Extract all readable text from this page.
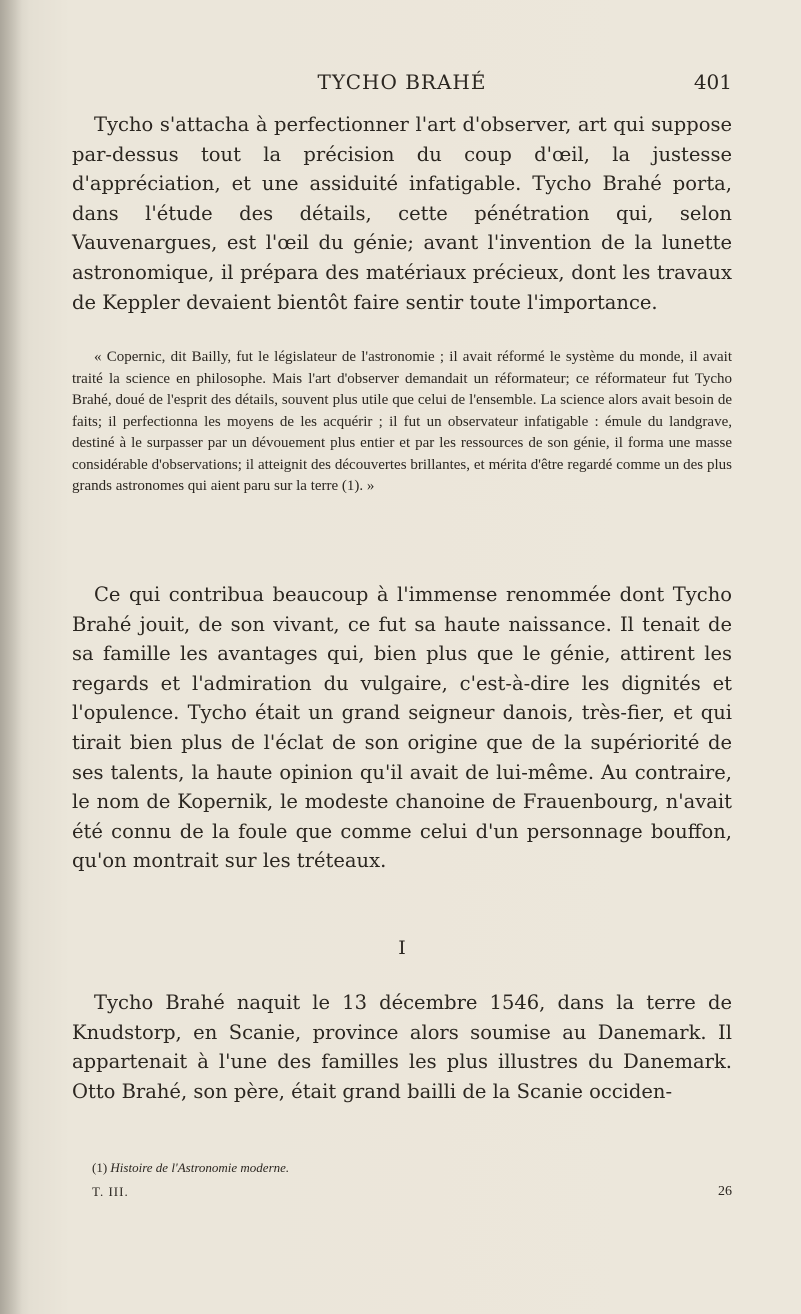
TYCHO BRAHÉ	401

Tycho s'attacha à perfectionner l'art d'observer, art qui suppose par-dessus tout la précision du coup d'œil, la justesse d'appréciation, et une assiduité infatigable. Tycho Brahé porta, dans l'étude des détails, cette pénétration qui, selon Vauvenargues, est l'œil du génie; avant l'invention de la lunette astronomique, il prépara des matériaux précieux, dont les travaux de Keppler devaient bientôt faire sentir toute l'importance.

« Copernic, dit Bailly, fut le législateur de l'astronomie ; il avait réformé le système du monde, il avait traité la science en philosophe. Mais l'art d'observer demandait un réformateur; ce réformateur fut Tycho Brahé, doué de l'esprit des détails, souvent plus utile que celui de l'ensemble. La science alors avait besoin de faits; il perfectionna les moyens de les acquérir ; il fut un observateur infatigable : émule du landgrave, destiné à le surpasser par un dévouement plus entier et par les ressources de son génie, il forma une masse considérable d'observations; il atteignit des découvertes brillantes, et mérita d'être regardé comme un des plus grands astronomes qui aient paru sur la terre (1). »

Ce qui contribua beaucoup à l'immense renommée dont Tycho Brahé jouit, de son vivant, ce fut sa haute naissance. Il tenait de sa famille les avantages qui, bien plus que le génie, attirent les regards et l'admiration du vulgaire, c'est-à-dire les dignités et l'opulence. Tycho était un grand seigneur danois, très-fier, et qui tirait bien plus de l'éclat de son origine que de la supériorité de ses talents, la haute opinion qu'il avait de lui-même. Au contraire, le nom de Kopernik, le modeste chanoine de Frauenbourg, n'avait été connu de la foule que comme celui d'un personnage bouffon, qu'on montrait sur les tréteaux.

I

Tycho Brahé naquit le 13 décembre 1546, dans la terre de Knudstorp, en Scanie, province alors soumise au Danemark. Il appartenait à l'une des familles les plus illustres du Danemark. Otto Brahé, son père, était grand bailli de la Scanie occiden-

(1) Histoire de l'Astronomie moderne.
T. III.	26
